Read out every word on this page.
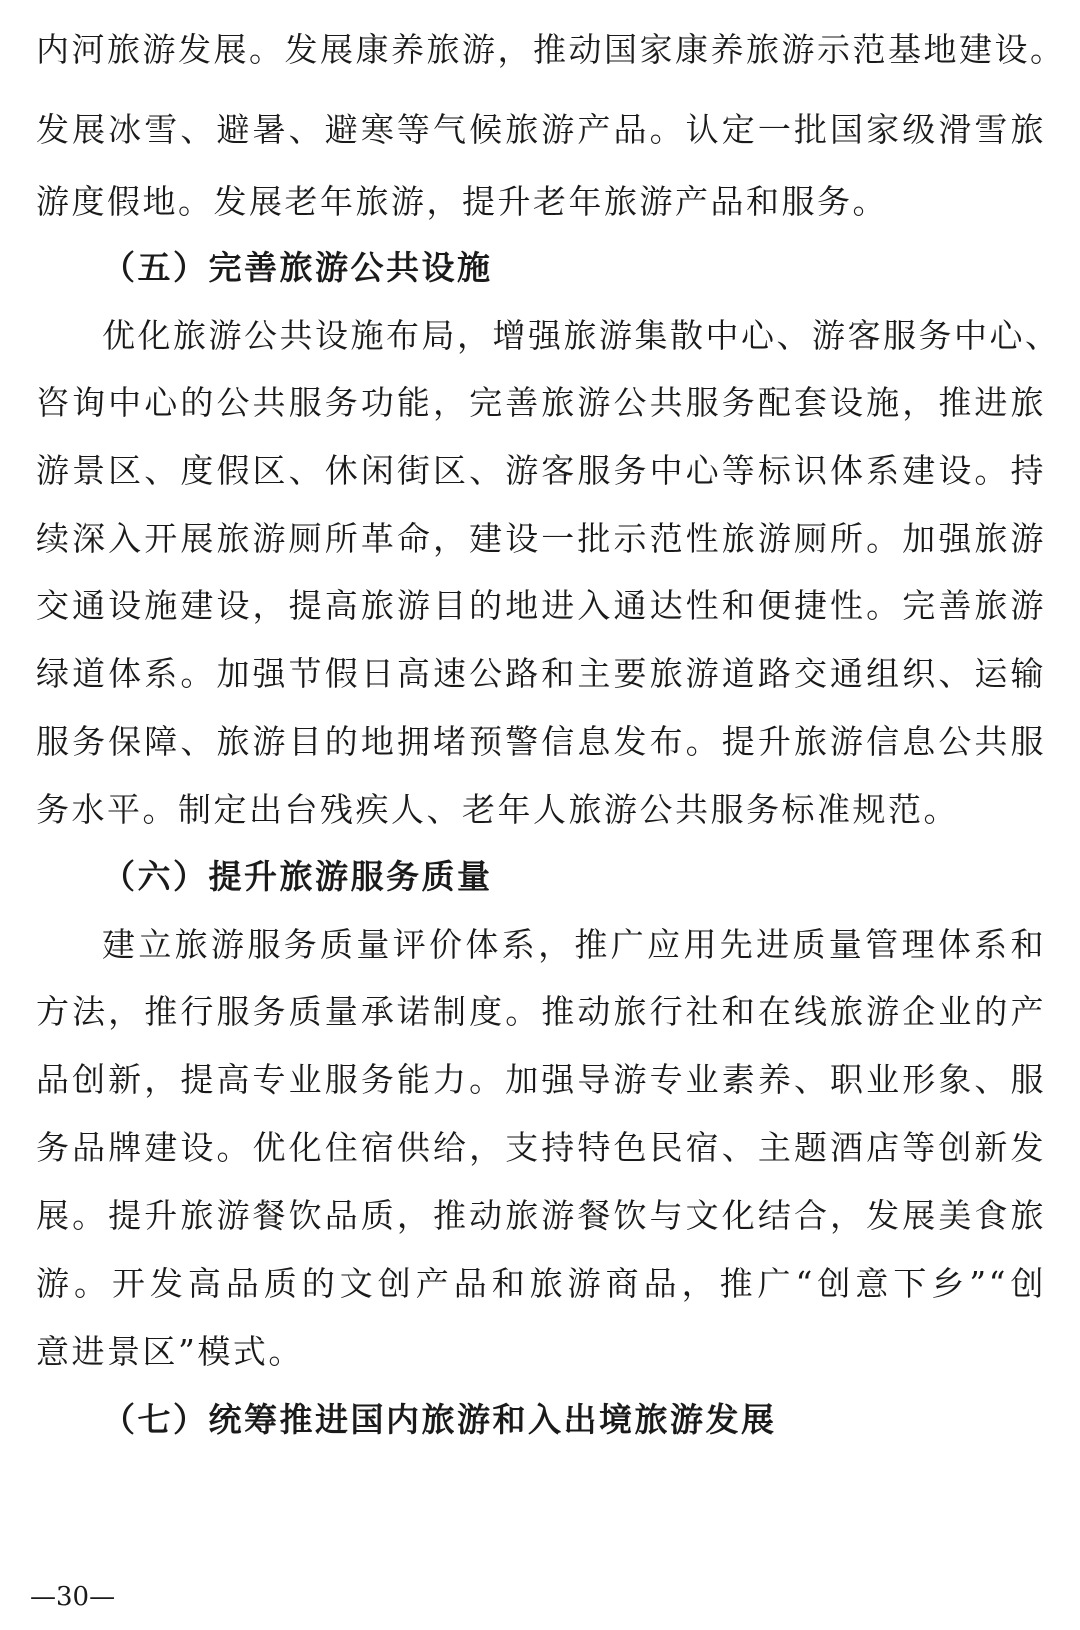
内河旅游发展。发展康养旅游，推动国家康养旅游示范基地建设。
发展冰雪、避暑、避寒等气候旅游产品。认定一批国家级滑雪旅
游度假地。发展老年旅游，提升老年旅游产品和服务。
（五）完善旅游公共设施
优化旅游公共设施布局，增强旅游集散中心、游客服务中心、
咨询中心的公共服务功能，完善旅游公共服务配套设施，推进旅
游景区、度假区、休闲街区、游客服务中心等标识体系建设。持
续深入开展旅游厕所革命，建设一批示范性旅游厕所。加强旅游
交通设施建设，提高旅游目的地进入通达性和便捷性。完善旅游
绿道体系。加强节假日高速公路和主要旅游道路交通组织、运输
服务保障、旅游目的地拥堵预警信息发布。提升旅游信息公共服
务水平。制定出台残疾人、老年人旅游公共服务标准规范。
（六）提升旅游服务质量
建立旅游服务质量评价体系，推广应用先进质量管理体系和
方法，推行服务质量承诺制度。推动旅行社和在线旅游企业的产
品创新，提高专业服务能力。加强导游专业素养、职业形象、服
务品牌建设。优化住宿供给，支持特色民宿、主题酒店等创新发
展。提升旅游餐饮品质，推动旅游餐饮与文化结合，发展美食旅
游。开发高品质的文创产品和旅游商品，推广“创意下乡”“创
意进景区”模式。
（七）统筹推进国内旅游和入出境旅游发展
—30—
